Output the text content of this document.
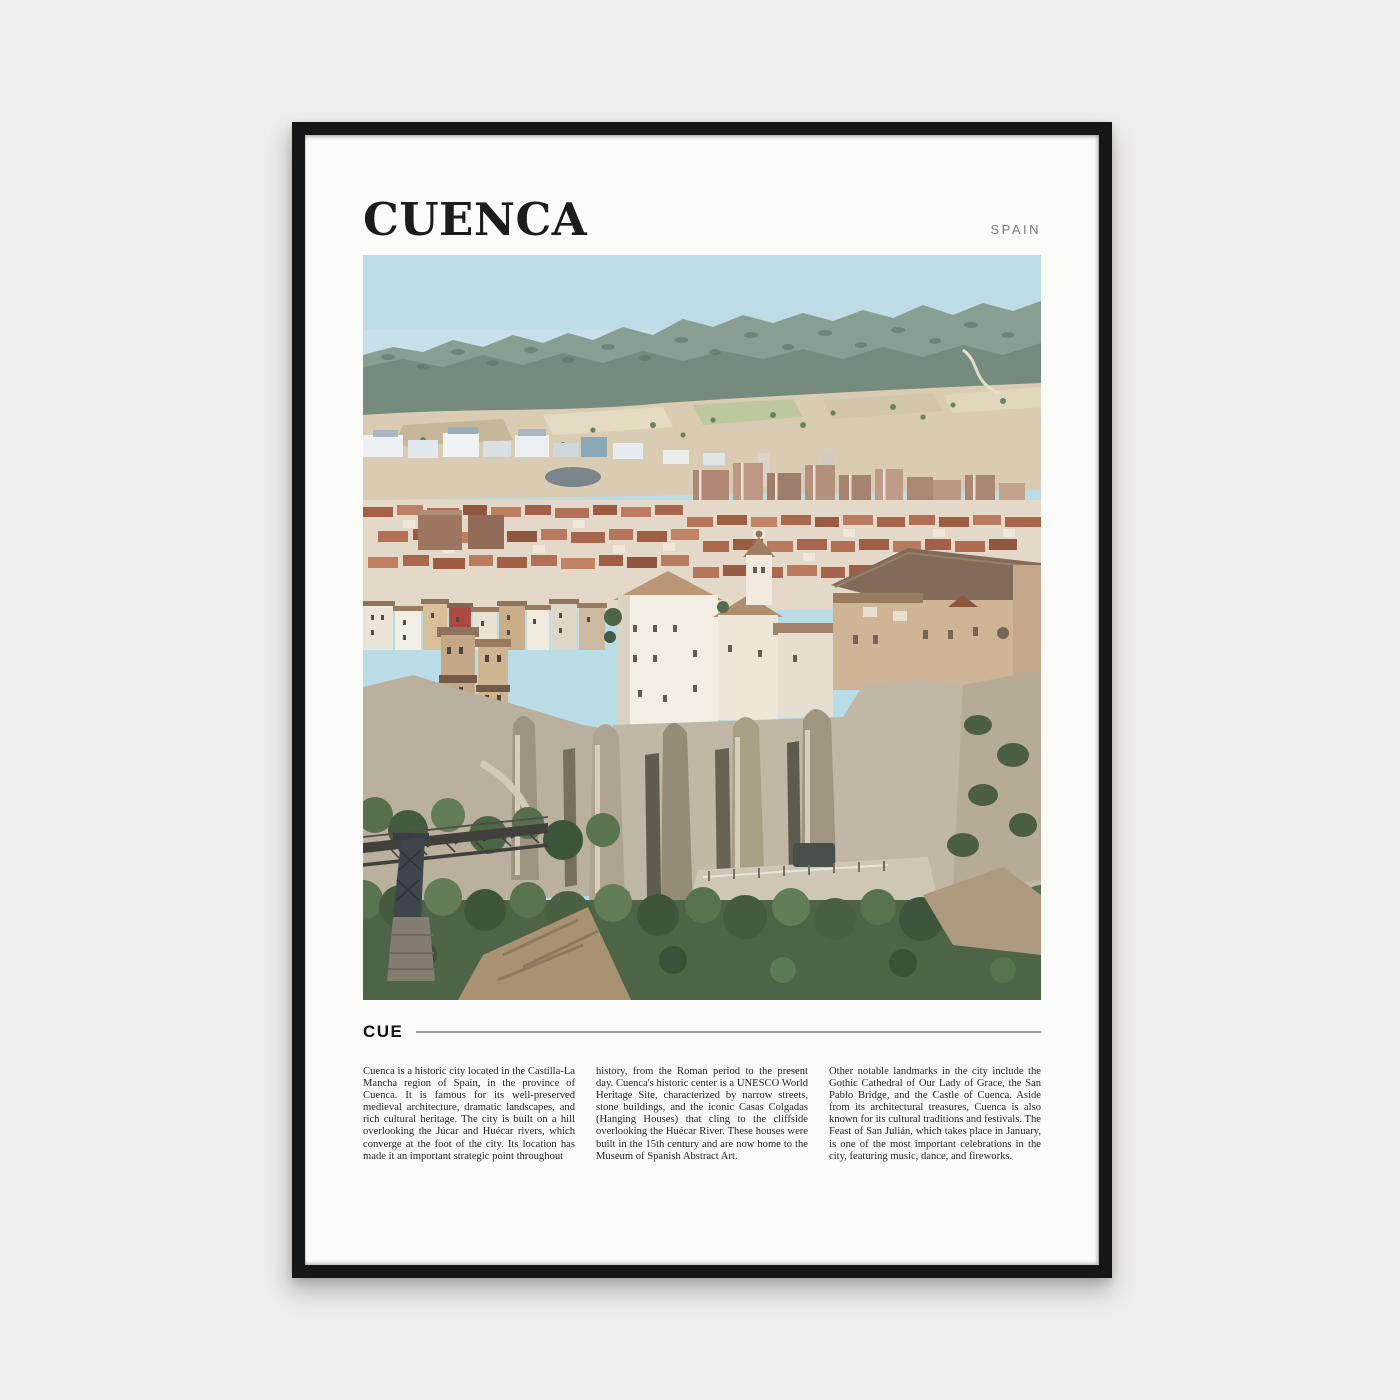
CUENCA	SPAIN
CUE

Cuenca is a historic city located in the Castilla-La Mancha region of Spain, in the province of Cuenca. It is famous for its well-preserved medieval architecture, dramatic landscapes, and rich cultural heritage. The city is built on a hill overlooking the Júcar and Huécar rivers, which converge at the foot of the city. Its location has made it an important strategic point throughout

history, from the Roman period to the present day. Cuenca's historic center is a UNESCO World Heritage Site, characterized by narrow streets, stone buildings, and the iconic Casas Colgadas (Hanging Houses) that cling to the cliffside overlooking the Huécar River. These houses were built in the 15th century and are now home to the Museum of Spanish Abstract Art.

Other notable landmarks in the city include the Gothic Cathedral of Our Lady of Grace, the San Pablo Bridge, and the Castle of Cuenca. Aside from its architectural treasures, Cuenca is also known for its cultural traditions and festivals. The Feast of San Julián, which takes place in January, is one of the most important celebrations in the city, featuring music, dance, and fireworks.
